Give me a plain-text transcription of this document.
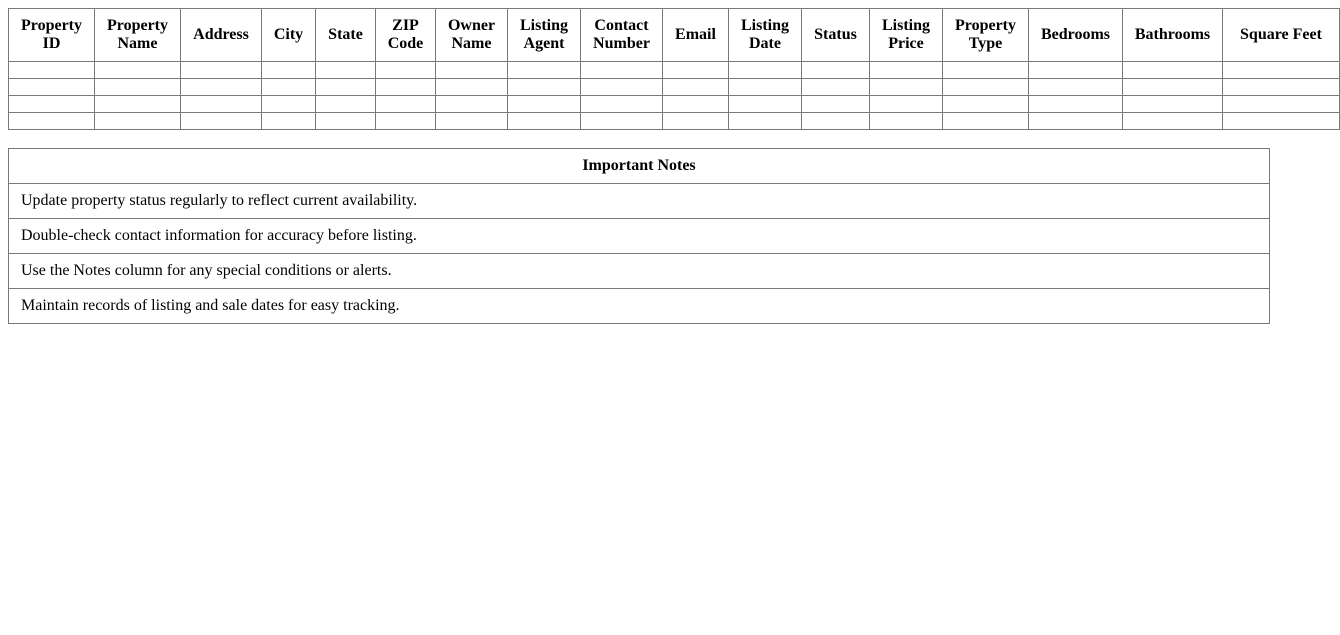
Property ID	Property Name	Address	City	State	ZIP Code	Owner Name	Listing Agent	Contact Number	Email	Listing Date	Status	Listing Price	Property Type	Bedrooms	Bathrooms	Square Feet

Important Notes
Update property status regularly to reflect current availability.
Double-check contact information for accuracy before listing.
Use the Notes column for any special conditions or alerts.
Maintain records of listing and sale dates for easy tracking.
